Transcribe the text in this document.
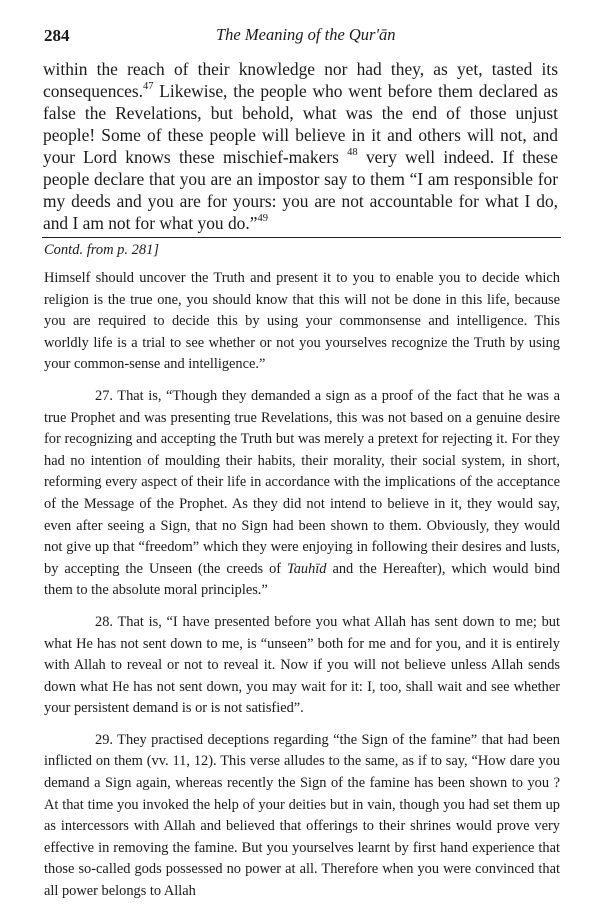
284	The Meaning of the Qur'ān

within the reach of their knowledge nor had they, as yet, tasted its consequences.$^{47}$ Likewise, the people who went before them declared as false the Revelations, but behold, what was the end of those unjust people! Some of these people will believe in it and others will not, and your Lord knows these mischief-makers $^{48}$ very well indeed. If these people declare that you are an impostor say to them “I am responsible for my deeds and you are for yours: you are not accountable for what I do, and I am not for what you do.”$^{49}$

Contd. from p. 281]

Himself should uncover the Truth and present it to you to enable you to decide which religion is the true one, you should know that this will not be done in this life, because you are required to decide this by using your commonsense and intelligence. This worldly life is a trial to see whether or not you yourselves recognize the Truth by using your common-sense and intelligence.”

27. That is, “Though they demanded a sign as a proof of the fact that he was a true Prophet and was presenting true Revelations, this was not based on a genuine desire for recognizing and accepting the Truth but was merely a pretext for rejecting it. For they had no intention of moulding their habits, their morality, their social system, in short, reforming every aspect of their life in accordance with the implications of the acceptance of the Message of the Prophet. As they did not intend to believe in it, they would say, even after seeing a Sign, that no Sign had been shown to them. Obviously, they would not give up that “freedom” which they were enjoying in following their desires and lusts, by accepting the Unseen (the creeds of Tauhīd and the Hereafter), which would bind them to the absolute moral principles.”

28. That is, “I have presented before you what Allah has sent down to me; but what He has not sent down to me, is “unseen” both for me and for you, and it is entirely with Allah to reveal or not to reveal it. Now if you will not believe unless Allah sends down what He has not sent down, you may wait for it: I, too, shall wait and see whether your persistent demand is or is not satisfied”.

29. They practised deceptions regarding “the Sign of the famine” that had been inflicted on them (vv. 11, 12). This verse alludes to the same, as if to say, “How dare you demand a Sign again, whereas recently the Sign of the famine has been shown to you ? At that time you invoked the help of your deities but in vain, though you had set them up as intercessors with Allah and believed that offerings to their shrines would prove very effective in removing the famine. But you yourselves learnt by first hand experience that those so-called gods possessed no power at all. Therefore when you were convinced that all power belongs to Allah
